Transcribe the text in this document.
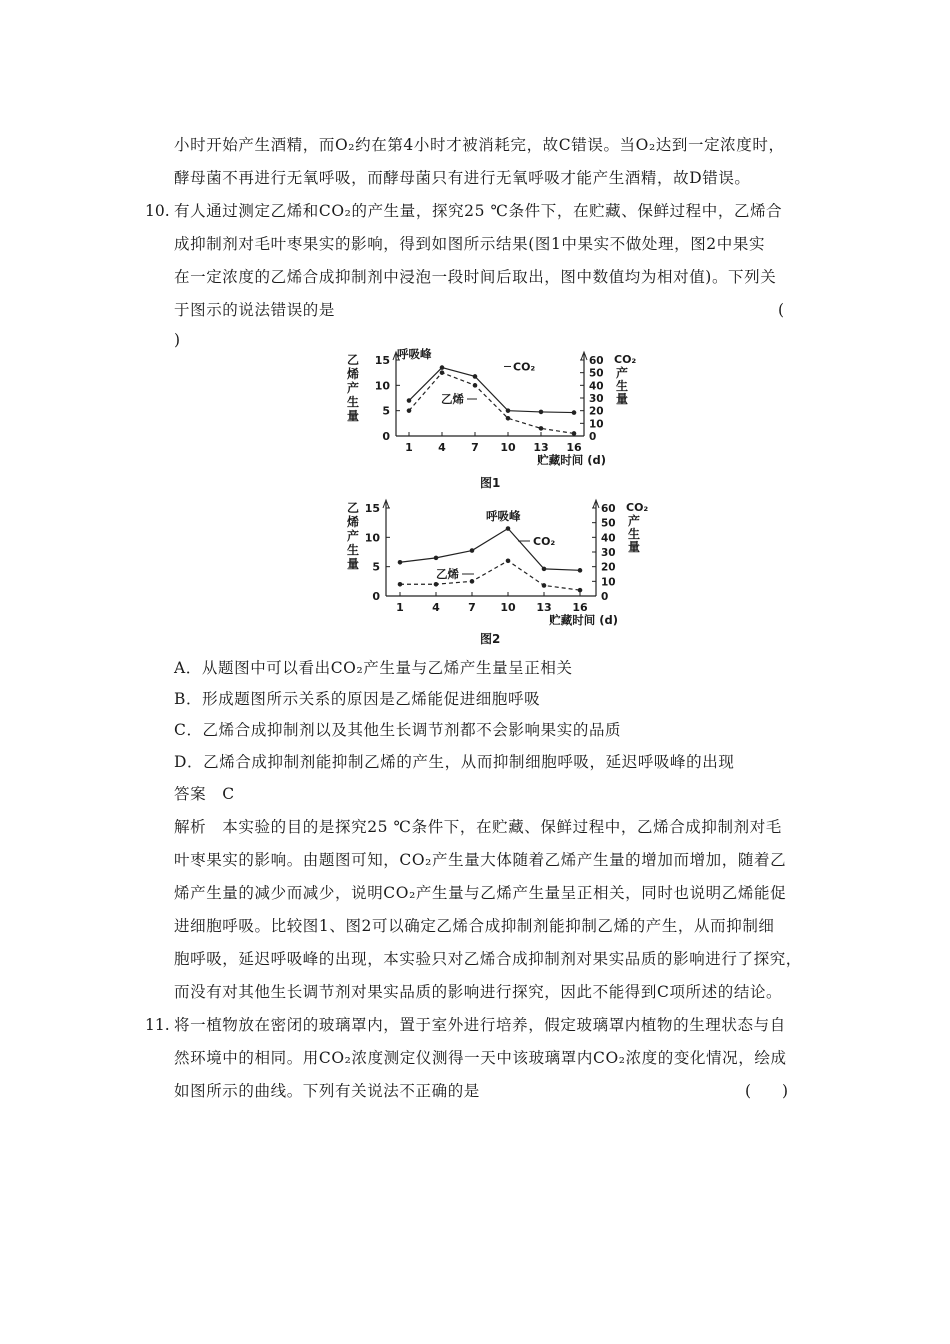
小时开始产生酒精，而O₂约在第4小时才被消耗完，故C错误。当O₂达到一定浓度时，
酵母菌不再进行无氧呼吸，而酵母菌只有进行无氧呼吸才能产生酒精，故D错误。
10. 有人通过测定乙烯和CO₂的产生量，探究25 ℃条件下，在贮藏、保鲜过程中，乙烯合
成抑制剂对毛叶枣果实的影响，得到如图所示结果(图1中果实不做处理，图2中果实
在一定浓度的乙烯合成抑制剂中浸泡一段时间后取出，图中数值均为相对值)。下列关
于图示的说法错误的是	(
)
0
5
10
15
0
10
20
30
40
50
60
1 4 7 10 13 16
乙
烯
产
生
量
CO₂
产
生
量
贮藏时间 (d)
呼吸峰
CO₂
乙烯
图1
0
5
10
15
0
10
20
30
40
50
60
1	4	7 10 13 16
乙
烯
产
生
量
CO₂
产
生
量
贮藏时间 (d)
呼吸峰
CO₂
乙烯
图2
A．从题图中可以看出CO₂产生量与乙烯产生量呈正相关
B．形成题图所示关系的原因是乙烯能促进细胞呼吸
C．乙烯合成抑制剂以及其他生长调节剂都不会影响果实的品质
D．乙烯合成抑制剂能抑制乙烯的产生，从而抑制细胞呼吸，延迟呼吸峰的出现
答案　C
解析　本实验的目的是探究25 ℃条件下，在贮藏、保鲜过程中，乙烯合成抑制剂对毛
叶枣果实的影响。由题图可知，CO₂产生量大体随着乙烯产生量的增加而增加，随着乙
烯产生量的减少而减少，说明CO₂产生量与乙烯产生量呈正相关，同时也说明乙烯能促
进细胞呼吸。比较图1、图2可以确定乙烯合成抑制剂能抑制乙烯的产生，从而抑制细
胞呼吸，延迟呼吸峰的出现，本实验只对乙烯合成抑制剂对果实品质的影响进行了探究，
而没有对其他生长调节剂对果实品质的影响进行探究，因此不能得到C项所述的结论。
11. 将一植物放在密闭的玻璃罩内，置于室外进行培养，假定玻璃罩内植物的生理状态与自
然环境中的相同。用CO₂浓度测定仪测得一天中该玻璃罩内CO₂浓度的变化情况，绘成
如图所示的曲线。下列有关说法不正确的是	(　　)
